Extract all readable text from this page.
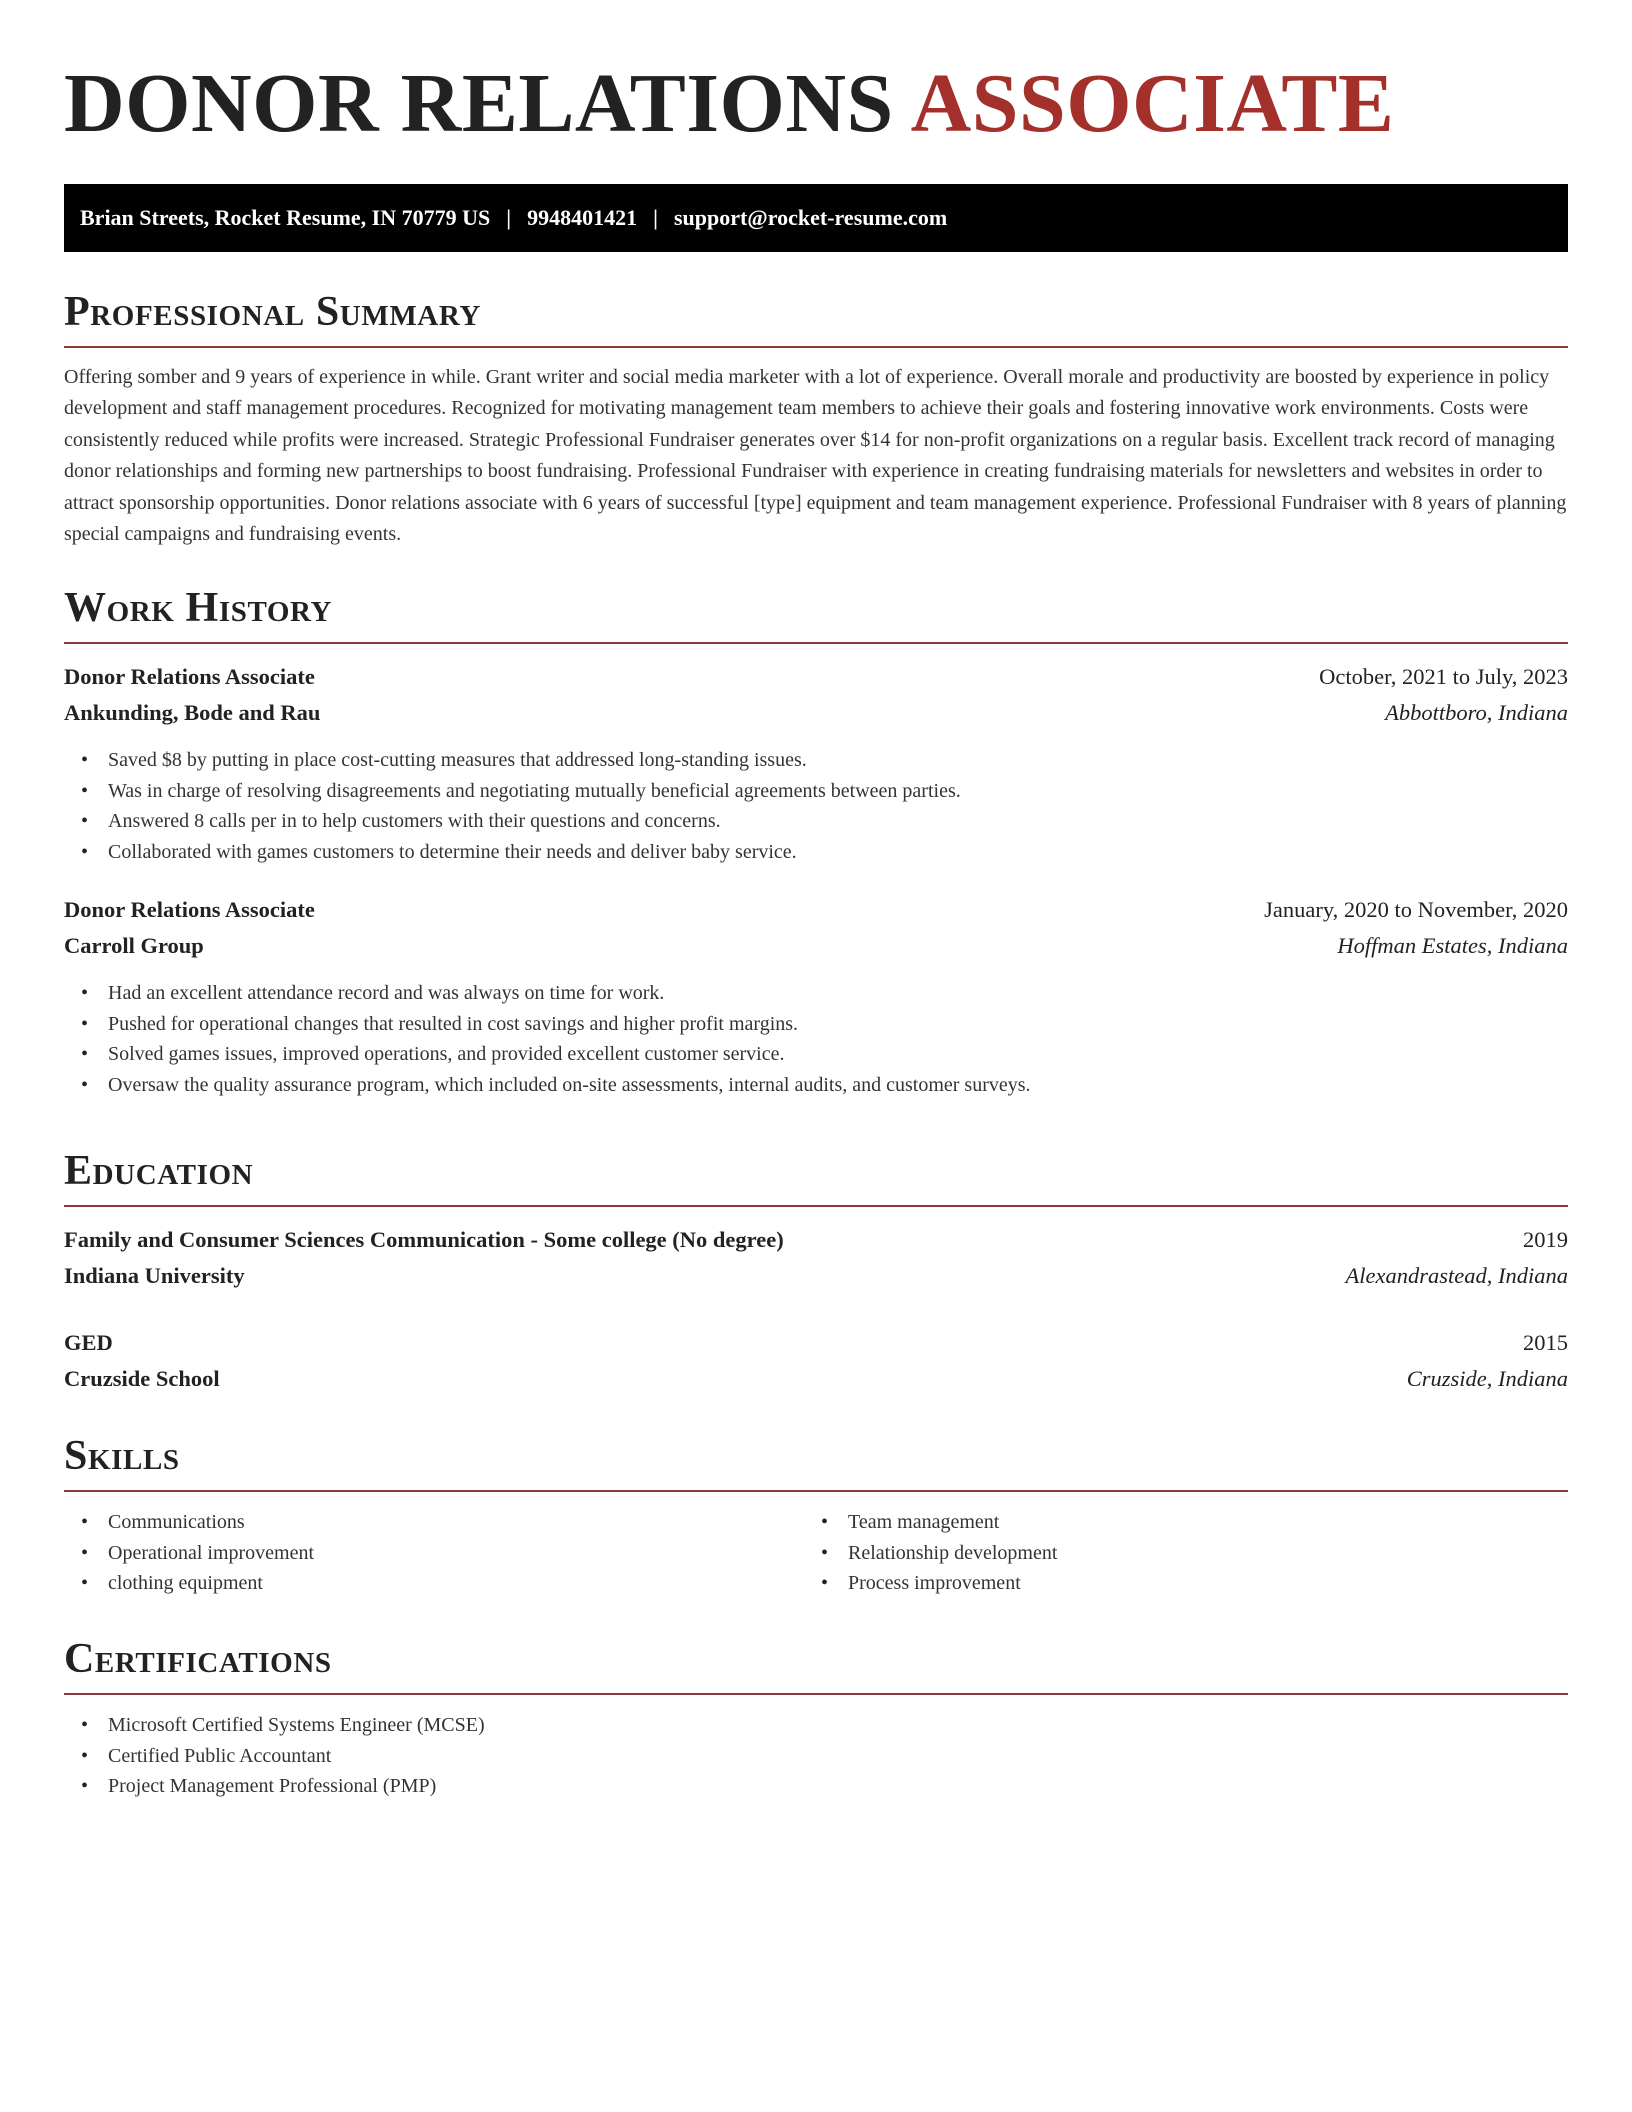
DONOR RELATIONS ASSOCIATE
Brian Streets, Rocket Resume, IN 70779 US | 9948401421 | support@rocket-resume.com
Professional Summary

Offering somber and 9 years of experience in while. Grant writer and social media marketer with a lot of experience. Overall morale and productivity are boosted by experience in policy development and staff management procedures. Recognized for motivating management team members to achieve their goals and fostering innovative work environments. Costs were consistently reduced while profits were increased. Strategic Professional Fundraiser generates over $14 for non-profit organizations on a regular basis. Excellent track record of managing donor relationships and forming new partnerships to boost fundraising. Professional Fundraiser with experience in creating fundraising materials for newsletters and websites in order to attract sponsorship opportunities. Donor relations associate with 6 years of successful [type] equipment and team management experience. Professional Fundraiser with 8 years of planning special campaigns and fundraising events.

Work History
Donor Relations Associate	October, 2021 to July, 2023
Ankunding, Bode and Rau	Abbottboro, Indiana
• Saved $8 by putting in place cost-cutting measures that addressed long-standing issues.
• Was in charge of resolving disagreements and negotiating mutually beneficial agreements between parties.
• Answered 8 calls per in to help customers with their questions and concerns.
• Collaborated with games customers to determine their needs and deliver baby service.
Donor Relations Associate	January, 2020 to November, 2020
Carroll Group	Hoffman Estates, Indiana
• Had an excellent attendance record and was always on time for work.
• Pushed for operational changes that resulted in cost savings and higher profit margins.
• Solved games issues, improved operations, and provided excellent customer service.
• Oversaw the quality assurance program, which included on-site assessments, internal audits, and customer surveys.
Education
Family and Consumer Sciences Communication - Some college (No degree)	2019
Indiana University	Alexandrastead, Indiana
GED	2015
Cruzside School	Cruzside, Indiana
Skills
• Communications
• Operational improvement
• clothing equipment
• Team management
• Relationship development
• Process improvement
Certifications
• Microsoft Certified Systems Engineer (MCSE)
• Certified Public Accountant
• Project Management Professional (PMP)
